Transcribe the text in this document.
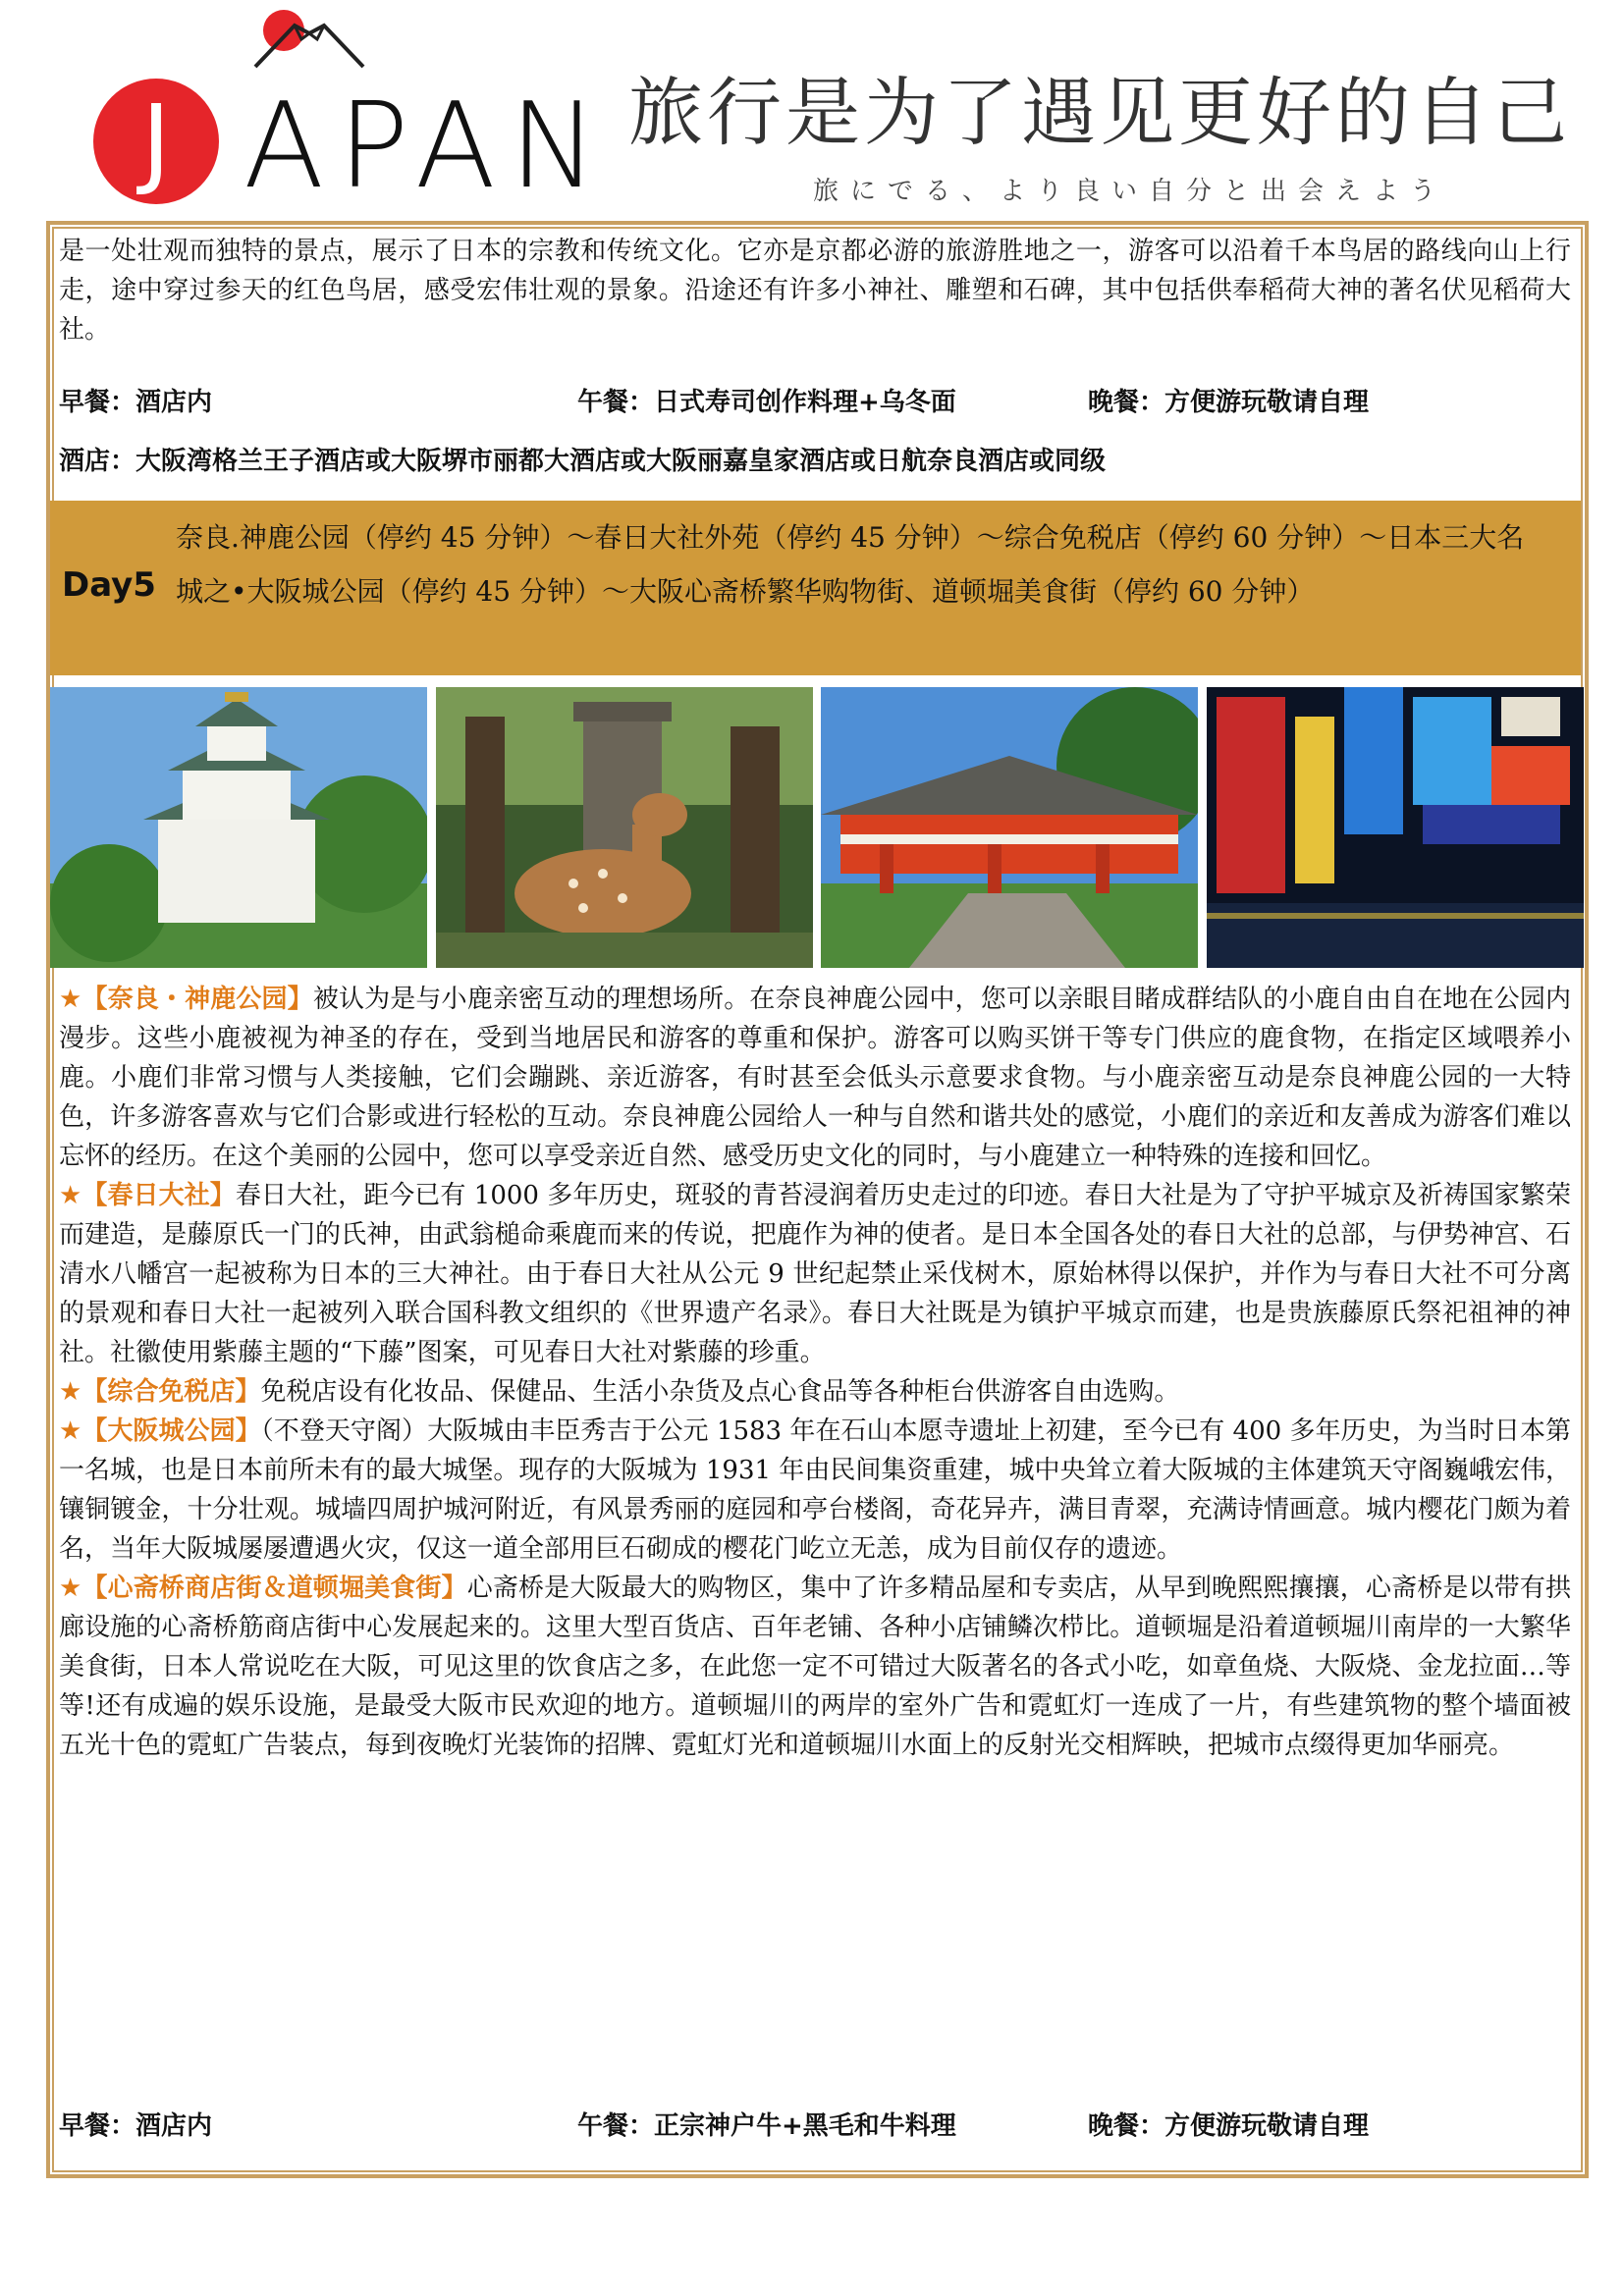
J APAN 旅行是为了遇见更好的自己
旅にでる、より良い自分と出会えよう

是一处壮观而独特的景点，展示了日本的宗教和传统文化。它亦是京都必游的旅游胜地之一，游客可以沿着千本鸟居的路线向山上行走，途中穿过参天的红色鸟居，感受宏伟壮观的景象。沿途还有许多小神社、雕塑和石碑，其中包括供奉稻荷大神的著名伏见稻荷大社。

早餐：酒店内	午餐：日式寿司创作料理+乌冬面	晚餐：方便游玩敬请自理
酒店：大阪湾格兰王子酒店或大阪堺市丽都大酒店或大阪丽嘉皇家酒店或日航奈良酒店或同级
Day5
奈良.神鹿公园（停约 45 分钟）～春日大社外苑（停约 45 分钟）～综合免税店（停约 60 分钟）～日本三大名城之•大阪城公园（停约 45 分钟）～大阪心斋桥繁华购物街、道顿堀美食街（停约 60 分钟）

★【奈良・神鹿公园】被认为是与小鹿亲密互动的理想场所。在奈良神鹿公园中，您可以亲眼目睹成群结队的小鹿自由自在地在公园内漫步。这些小鹿被视为神圣的存在，受到当地居民和游客的尊重和保护。游客可以购买饼干等专门供应的鹿食物，在指定区域喂养小鹿。小鹿们非常习惯与人类接触，它们会蹦跳、亲近游客，有时甚至会低头示意要求食物。与小鹿亲密互动是奈良神鹿公园的一大特色，许多游客喜欢与它们合影或进行轻松的互动。奈良神鹿公园给人一种与自然和谐共处的感觉，小鹿们的亲近和友善成为游客们难以忘怀的经历。在这个美丽的公园中，您可以享受亲近自然、感受历史文化的同时，与小鹿建立一种特殊的连接和回忆。

★【春日大社】春日大社，距今已有 1000 多年历史，斑驳的青苔浸润着历史走过的印迹。春日大社是为了守护平城京及祈祷国家繁荣而建造，是藤原氏一门的氏神，由武翁槌命乘鹿而来的传说，把鹿作为神的使者。是日本全国各处的春日大社的总部，与伊势神宫、石清水八幡宫一起被称为日本的三大神社。由于春日大社从公元 9 世纪起禁止采伐树木，原始林得以保护，并作为与春日大社不可分离的景观和春日大社一起被列入联合国科教文组织的《世界遗产名录》。春日大社既是为镇护平城京而建，也是贵族藤原氏祭祀祖神的神社。社徽使用紫藤主题的“下藤”图案，可见春日大社对紫藤的珍重。

★【综合免税店】免税店设有化妆品、保健品、生活小杂货及点心食品等各种柜台供游客自由选购。

★【大阪城公园】（不登天守阁）大阪城由丰臣秀吉于公元 1583 年在石山本愿寺遗址上初建，至今已有 400 多年历史，为当时日本第一名城，也是日本前所未有的最大城堡。现存的大阪城为 1931 年由民间集资重建，城中央耸立着大阪城的主体建筑天守阁巍峨宏伟，镶铜镀金，十分壮观。城墙四周护城河附近，有风景秀丽的庭园和亭台楼阁，奇花异卉，满目青翠，充满诗情画意。城内樱花门颇为着名，当年大阪城屡屡遭遇火灾，仅这一道全部用巨石砌成的樱花门屹立无恙，成为目前仅存的遗迹。

★【心斋桥商店街＆道顿堀美食街】心斋桥是大阪最大的购物区，集中了许多精品屋和专卖店，从早到晚熙熙攘攘，心斋桥是以带有拱廊设施的心斋桥筋商店街中心发展起来的。这里大型百货店、百年老铺、各种小店铺鳞次栉比。道顿堀是沿着道顿堀川南岸的一大繁华美食街，日本人常说吃在大阪，可见这里的饮食店之多，在此您一定不可错过大阪著名的各式小吃，如章鱼烧、大阪烧、金龙拉面…等等!还有成遍的娱乐设施，是最受大阪市民欢迎的地方。道顿堀川的两岸的室外广告和霓虹灯一连成了一片，有些建筑物的整个墙面被五光十色的霓虹广告装点，每到夜晚灯光装饰的招牌、霓虹灯光和道顿堀川水面上的反射光交相辉映，把城市点缀得更加华丽亮。

早餐：酒店内	午餐：正宗神户牛+黑毛和牛料理	晚餐：方便游玩敬请自理
